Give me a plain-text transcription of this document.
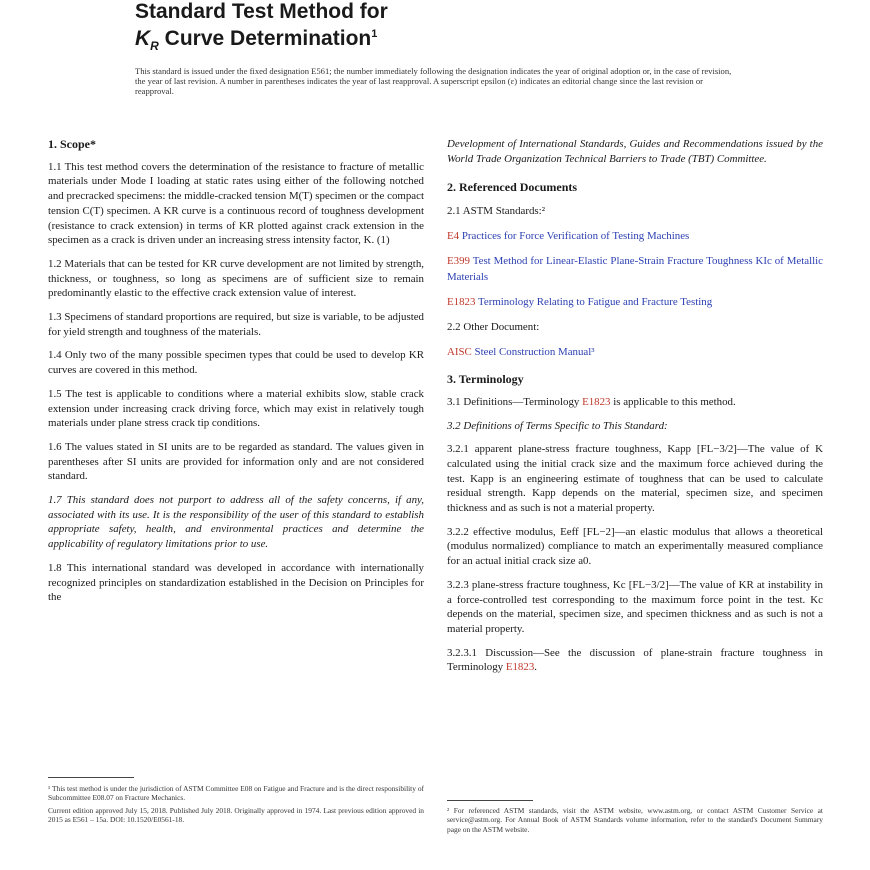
Standard Test Method for
$K_R$ Curve Determination$^1$
This standard is issued under the fixed designation E561; the number immediately following the designation indicates the year of original adoption or, in the case of revision, the year of last revision. A number in parentheses indicates the year of last reapproval. A superscript epsilon (ε) indicates an editorial change since the last revision or reapproval.
1. Scope*

1.1 This test method covers the determination of the resistance to fracture of metallic materials under Mode I loading at static rates using either of the following notched and precracked specimens: the middle-cracked tension M(T) specimen or the compact tension C(T) specimen. A KR curve is a continuous record of toughness development (resistance to crack extension) in terms of KR plotted against crack extension in the specimen as a crack is driven under an increasing stress intensity factor, K. (1)

1.2 Materials that can be tested for KR curve development are not limited by strength, thickness, or toughness, so long as specimens are of sufficient size to remain predominantly elastic to the effective crack extension value of interest.

1.3 Specimens of standard proportions are required, but size is variable, to be adjusted for yield strength and toughness of the materials.

1.4 Only two of the many possible specimen types that could be used to develop KR curves are covered in this method.

1.5 The test is applicable to conditions where a material exhibits slow, stable crack extension under increasing crack driving force, which may exist in relatively tough materials under plane stress crack tip conditions.

1.6 The values stated in SI units are to be regarded as standard. The values given in parentheses after SI units are provided for information only and are not considered standard.

1.7 This standard does not purport to address all of the safety concerns, if any, associated with its use. It is the responsibility of the user of this standard to establish appropriate safety, health, and environmental practices and determine the applicability of regulatory limitations prior to use.

1.8 This international standard was developed in accordance with internationally recognized principles on standardization established in the Decision on Principles for the

¹ This test method is under the jurisdiction of ASTM Committee E08 on Fatigue and Fracture and is the direct responsibility of Subcommittee E08.07 on Fracture Mechanics.

Current edition approved July 15, 2018. Published July 2018. Originally approved in 1974. Last previous edition approved in 2015 as E561 – 15a. DOI: 10.1520/E0561-18.

Development of International Standards, Guides and Recommendations issued by the World Trade Organization Technical Barriers to Trade (TBT) Committee.

2. Referenced Documents

2.1 ASTM Standards:²

E4 Practices for Force Verification of Testing Machines

E399 Test Method for Linear-Elastic Plane-Strain Fracture Toughness KIc of Metallic Materials

E1823 Terminology Relating to Fatigue and Fracture Testing

2.2 Other Document:

AISC Steel Construction Manual³

3. Terminology

3.1 Definitions—Terminology E1823 is applicable to this method.

3.2 Definitions of Terms Specific to This Standard:

3.2.1 apparent plane-stress fracture toughness, Kapp [FL−3/2]—The value of K calculated using the initial crack size and the maximum force achieved during the test. Kapp is an engineering estimate of toughness that can be used to calculate residual strength. Kapp depends on the material, specimen size, and specimen thickness and as such is not a material property.

3.2.2 effective modulus, Eeff [FL−2]—an elastic modulus that allows a theoretical (modulus normalized) compliance to match an experimentally measured compliance for an actual initial crack size a0.

3.2.3 plane-stress fracture toughness, Kc [FL−3/2]—The value of KR at instability in a force-controlled test corresponding to the maximum force point in the test. Kc depends on the material, specimen size, and specimen thickness and as such is not a material property.

3.2.3.1 Discussion—See the discussion of plane-strain fracture toughness in Terminology E1823.

² For referenced ASTM standards, visit the ASTM website, www.astm.org, or contact ASTM Customer Service at service@astm.org. For Annual Book of ASTM Standards volume information, refer to the standard's Document Summary page on the ASTM website.
